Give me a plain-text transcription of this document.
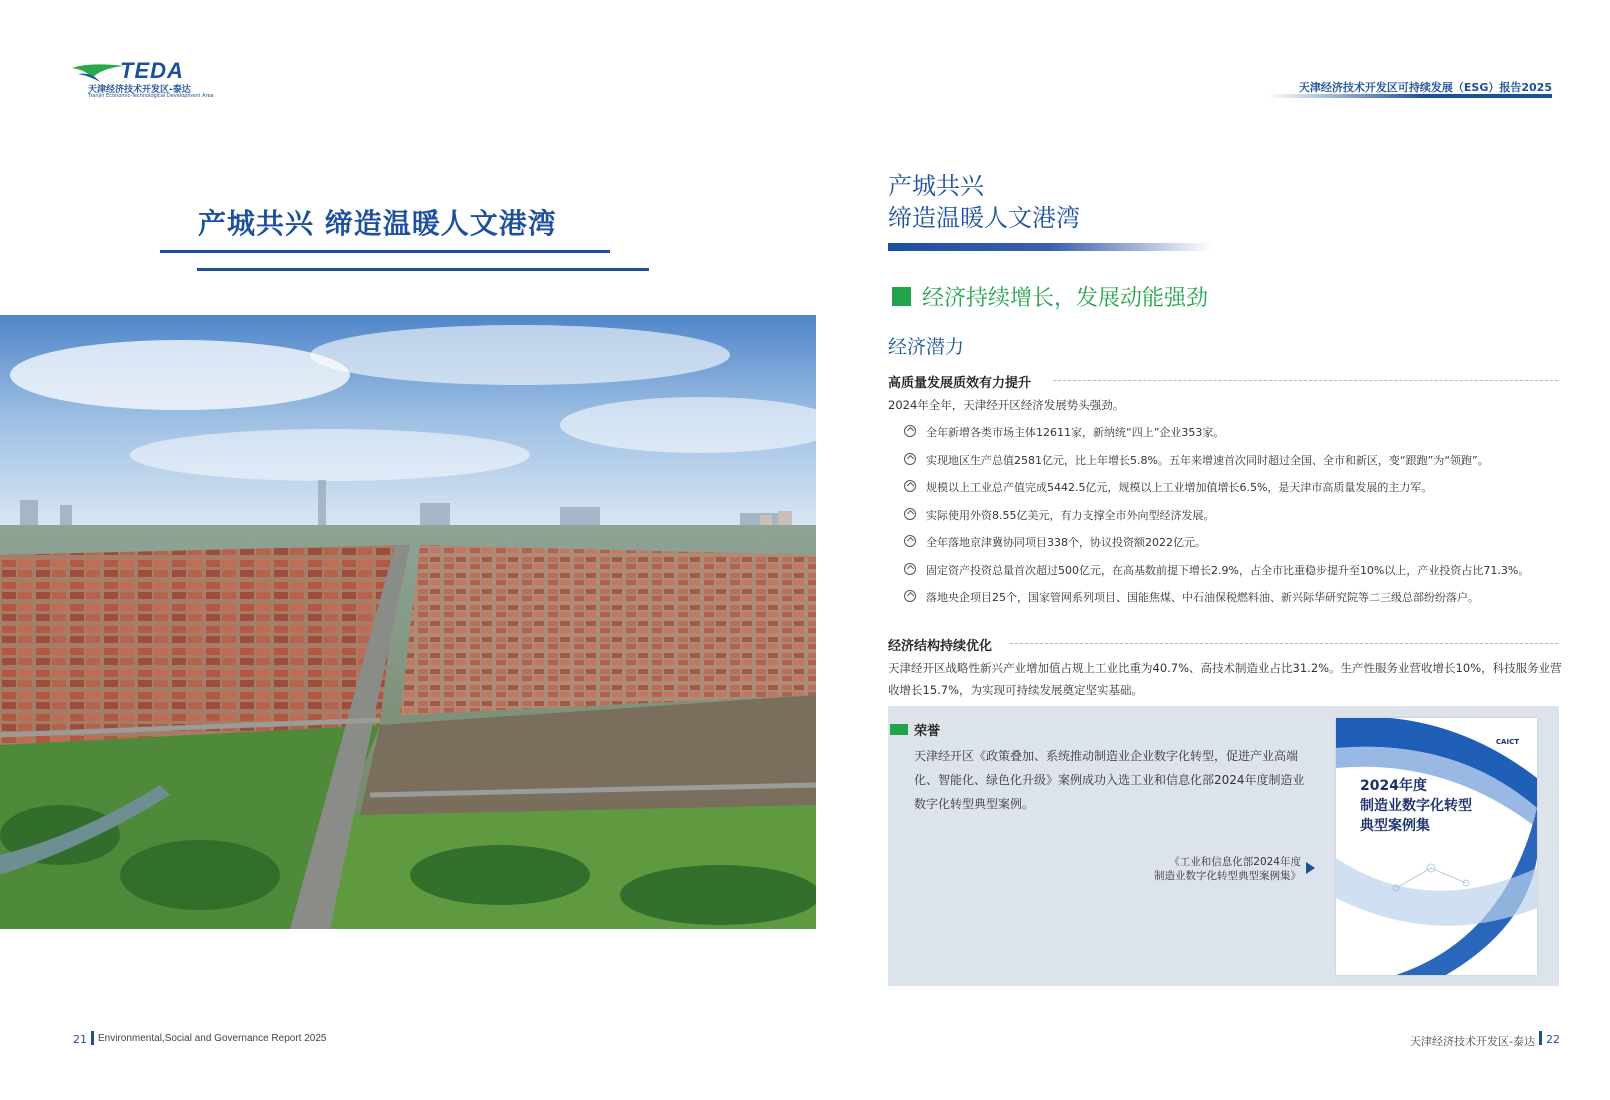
TEDA
天津经济技术开发区-泰达
Tianjin Economic-Technological Development Area
天津经济技术开发区可持续发展（ESG）报告2025
产城共兴 缔造温暖人文港湾
产城共兴
缔造温暖人文港湾
经济持续增长，发展动能强劲
经济潜力
高质量发展质效有力提升
2024年全年，天津经开区经济发展势头强劲。
全年新增各类市场主体12611家，新纳统“四上”企业353家。
实现地区生产总值2581亿元，比上年增长5.8%。五年来增速首次同时超过全国、全市和新区，变“跟跑”为“领跑”。
规模以上工业总产值完成5442.5亿元，规模以上工业增加值增长6.5%，是天津市高质量发展的主力军。
实际使用外资8.55亿美元，有力支撑全市外向型经济发展。
全年落地京津冀协同项目338个，协议投资额2022亿元。
固定资产投资总量首次超过500亿元，在高基数前提下增长2.9%，占全市比重稳步提升至10%以上，产业投资占比71.3%。
落地央企项目25个，国家管网系列项目、国能焦煤、中石油保税燃料油、新兴际华研究院等二三级总部纷纷落户。
经济结构持续优化
天津经开区战略性新兴产业增加值占规上工业比重为40.7%、高技术制造业占比31.2%。生产性服务业营收增长10%，科技服务业营收增长15.7%，为实现可持续发展奠定坚实基础。
荣誉
天津经开区《政策叠加、系统推动制造业企业数字化转型，促进产业高端化、智能化、绿色化升级》案例成功入选工业和信息化部2024年度制造业数字化转型典型案例。
《工业和信息化部2024年度
制造业数字化转型典型案例集》
CAICT
2024年度
制造业数字化转型
典型案例集
21 Environmental,Social and Governance Report 2025	天津经济技术开发区-泰达 22
